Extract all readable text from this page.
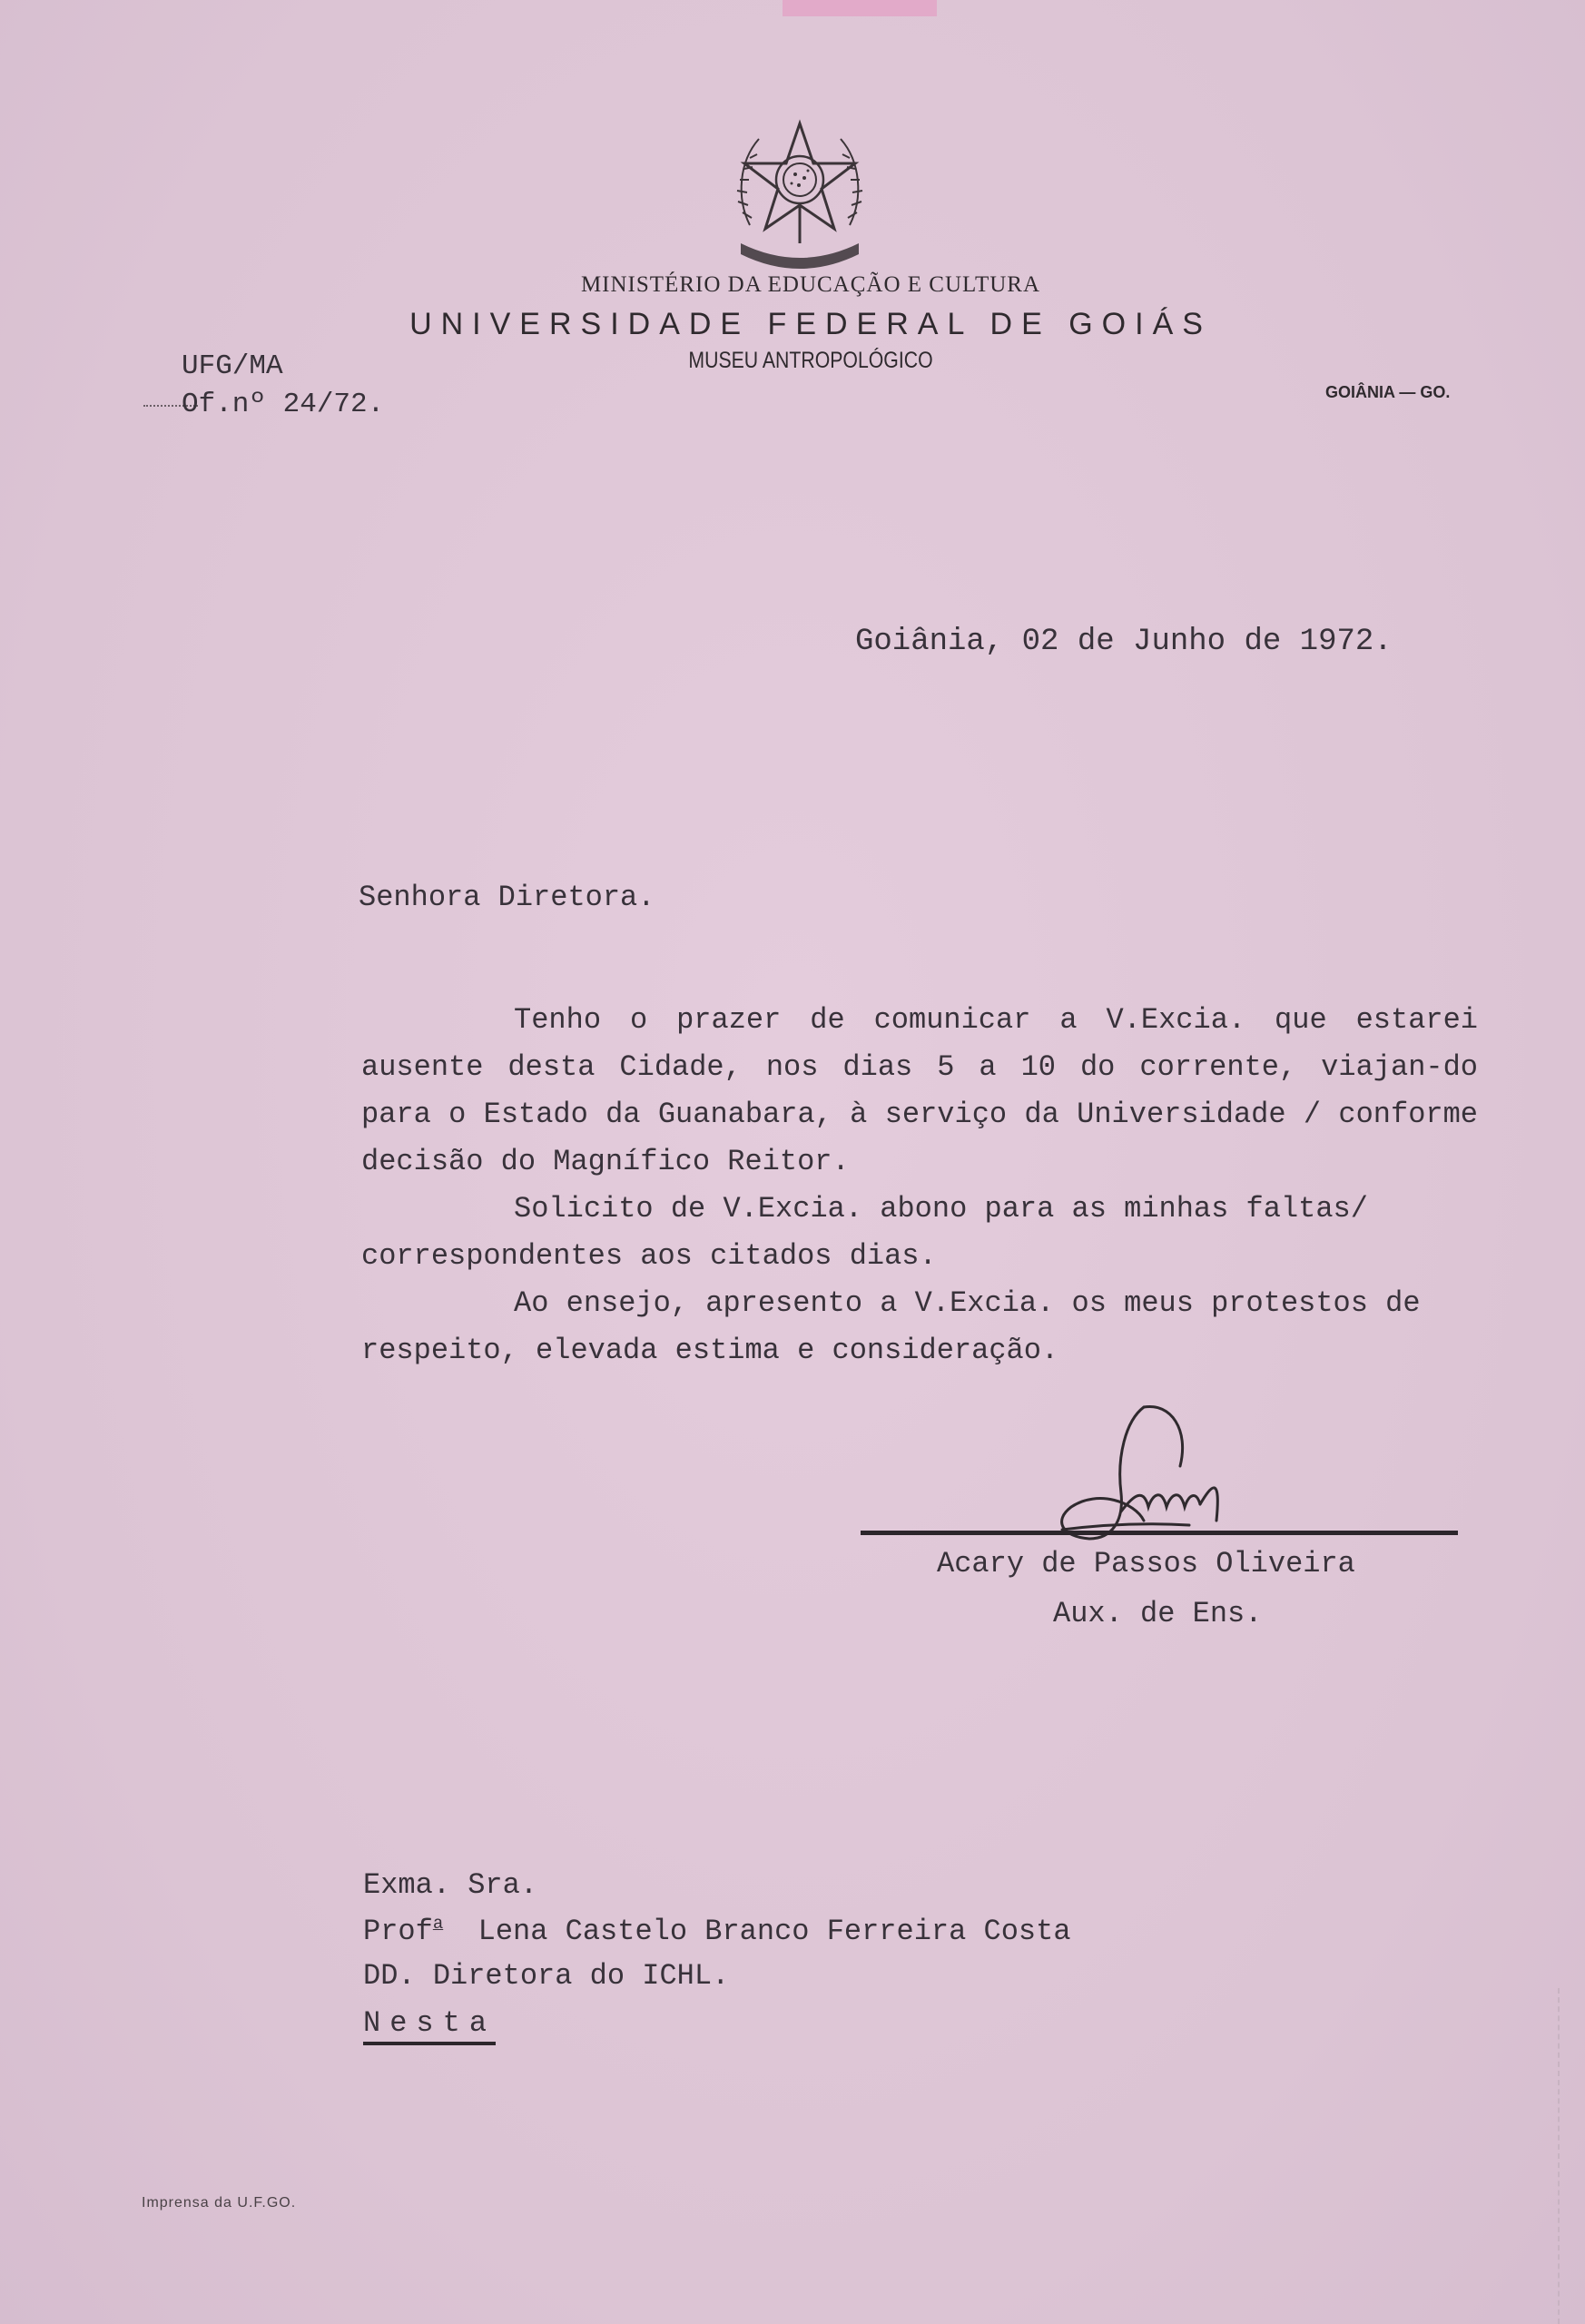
MINISTÉRIO DA EDUCAÇÃO E CULTURA
UNIVERSIDADE FEDERAL DE GOIÁS
MUSEU ANTROPOLÓGICO
UFG/MA
Of.nº 24/72.	GOIÂNIA — GO.
Goiânia, 02 de Junho de 1972.
Senhora Diretora.
Tenho o prazer de comunicar a V.Excia. que estarei ausente desta Cidade, nos dias 5 a 10 do corrente, viajan-do para o Estado da Guanabara, à serviço da Universidade / conforme decisão do Magnífico Reitor.
Solicito de V.Excia. abono para as minhas faltas/ correspondentes aos citados dias.
Ao ensejo, apresento a V.Excia. os meus protestos de respeito, elevada estima e consideração.
Acary de Passos Oliveira
Aux. de Ens.
Exma. Sra.
Prof$^a$ Lena Castelo Branco Ferreira Costa
DD. Diretora do ICHL.
Nesta
Imprensa da U.F.GO.
